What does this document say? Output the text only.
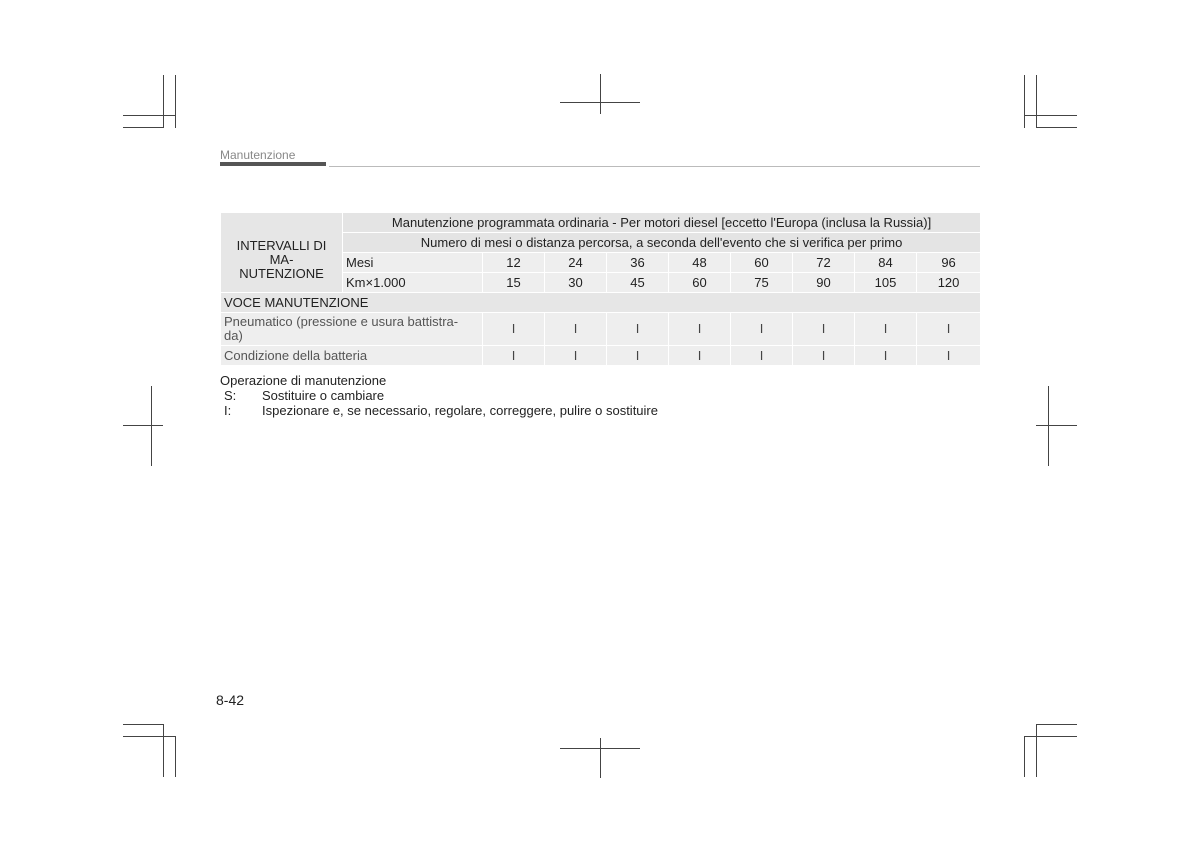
Manutenzione

INTERVALLI DI MA-
NUTENZIONE	Manutenzione programmata ordinaria - Per motori diesel [eccetto l'Europa (inclusa la Russia)]								
	Numero di mesi o distanza percorsa, a seconda dell'evento che si verifica per primo								
	Mesi	12	24	36	48	60	72	84	96
	Km×1.000	15	30	45	60	75	90	105	120
VOCE MANUTENZIONE									
Pneumatico (pressione e usura battistra-
da)		I	I	I	I	I	I	I	I
Condizione della batteria		I	I	I	I	I	I	I	I
Operazione di manutenzione
S:	Sostituire o cambiare
I:	Ispezionare e, se necessario, regolare, correggere, pulire o sostituire
8-42
